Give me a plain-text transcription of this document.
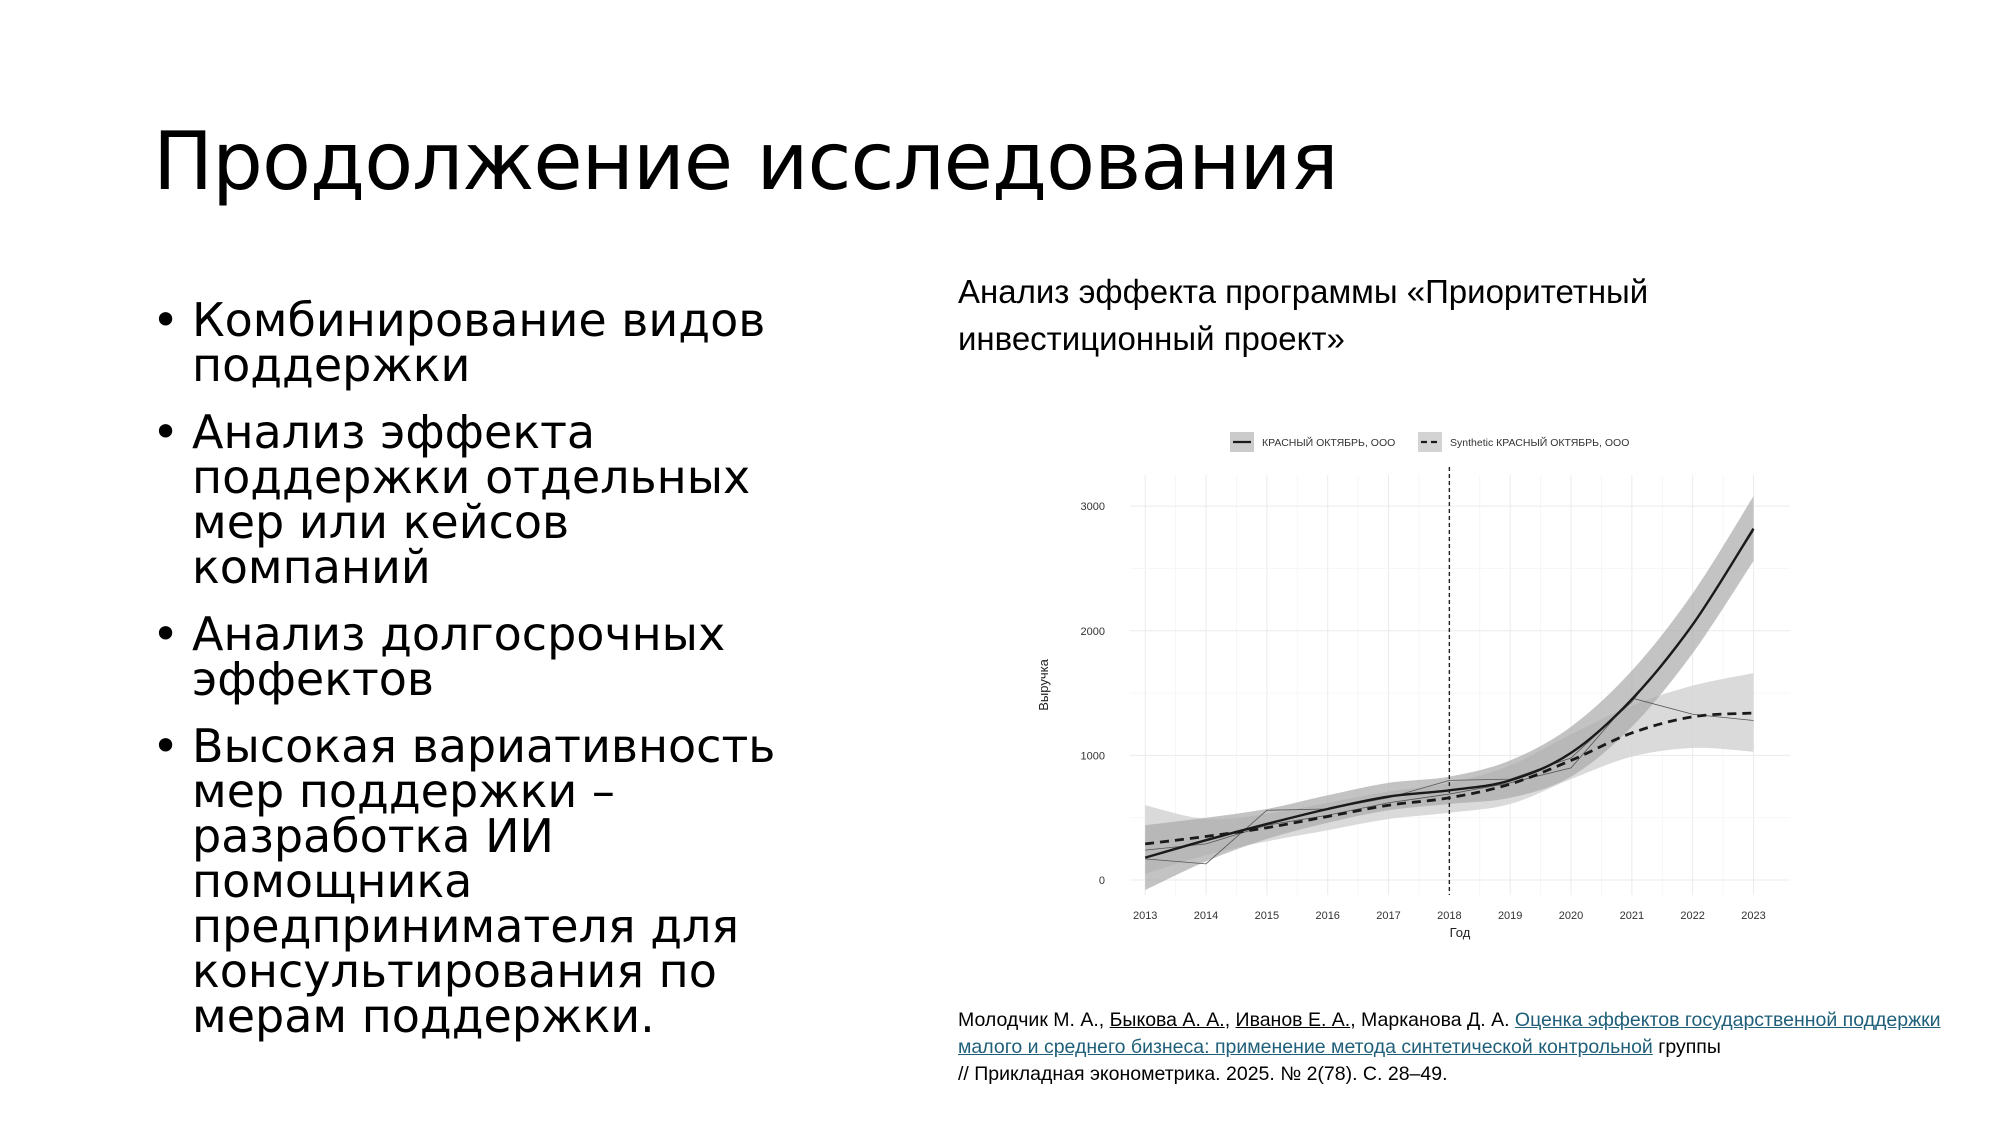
Продолжение исследования
• Комбинирование видов поддержки
• Анализ эффекта поддержки отдельных мер или кейсов компаний
• Анализ долгосрочных эффектов
• Высокая вариативность мер поддержки – разработка ИИ помощника предпринимателя для консультирования по мерам поддержки.
Анализ эффекта программы «Приоритетный инвестиционный проект»
2013	2014	2015	2016	2017	2018	2019	2020	2021	2022	2023
0
1000
2000
3000
Год
Выручка
КРАСНЫЙ ОКТЯБРЬ, ООО	Synthetic КРАСНЫЙ ОКТЯБРЬ, ООО
Молодчик М. А., Быкова А. А., Иванов Е. А., Марканова Д. А. Оценка эффектов государственной поддержки малого и среднего бизнеса: применение метода синтетической контрольной группы
// Прикладная эконометрика. 2025. № 2(78). С. 28–49.
